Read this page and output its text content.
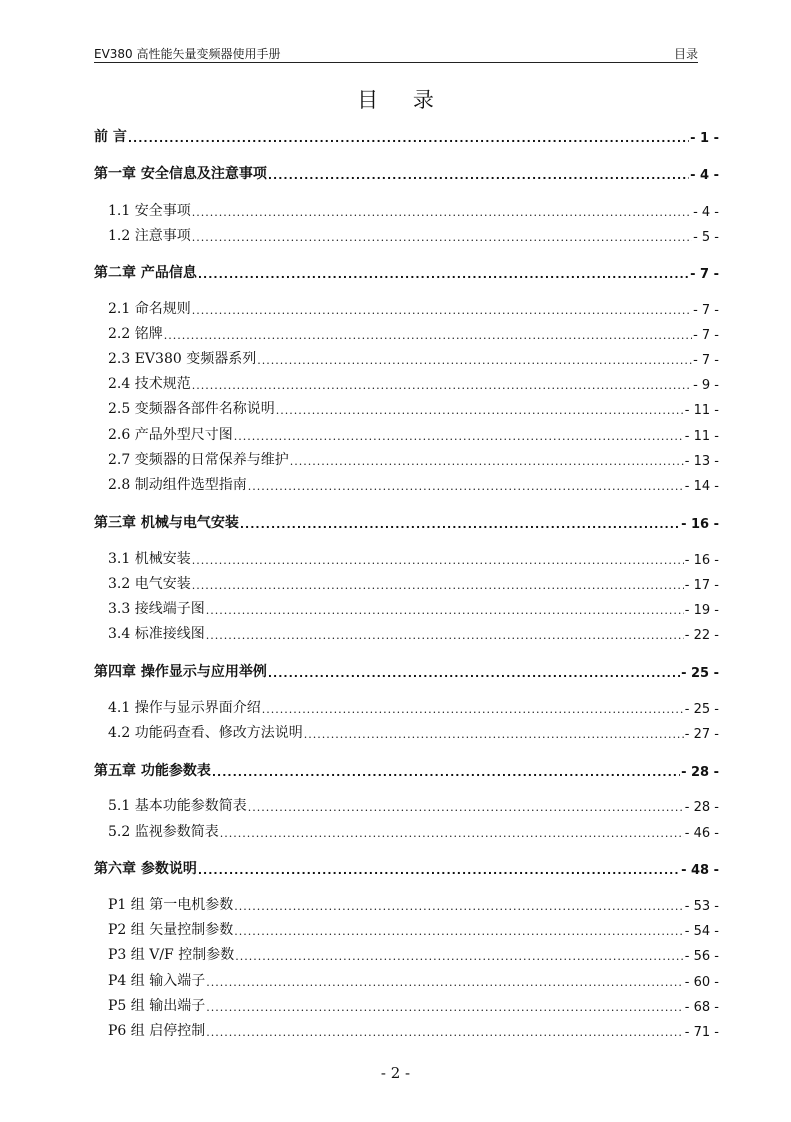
EV380 高性能矢量变频器使用手册	目录
目 录
前 言 .....	- 1 -
第一章 安全信息及注意事项 .....	- 4 -
1.1 安全事项 .....	- 4 -
1.2 注意事项 .....	- 5 -
第二章 产品信息 .....	- 7 -
2.1 命名规则 .....	- 7 -
2.2 铭牌 .....	- 7 -
2.3 EV380 变频器系列 .....	- 7 -
2.4 技术规范 .....	- 9 -
2.5 变频器各部件名称说明 .....	- 11 -
2.6 产品外型尺寸图 .....	- 11 -
2.7 变频器的日常保养与维护 .....	- 13 -
2.8 制动组件选型指南 .....	- 14 -
第三章 机械与电气安装 .....	- 16 -
3.1 机械安装 .....	- 16 -
3.2 电气安装 .....	- 17 -
3.3 接线端子图 .....	- 19 -
3.4 标准接线图 .....	- 22 -
第四章 操作显示与应用举例 .....	- 25 -
4.1 操作与显示界面介绍 .....	- 25 -
4.2 功能码查看、修改方法说明 .....	- 27 -
第五章 功能参数表 .....	- 28 -
5.1 基本功能参数简表 .....	- 28 -
5.2 监视参数简表 .....	- 46 -
第六章 参数说明 .....	- 48 -
P1 组 第一电机参数 .....	- 53 -
P2 组 矢量控制参数 .....	- 54 -
P3 组 V/F 控制参数 .....	- 56 -
P4 组 输入端子 .....	- 60 -
P5 组 输出端子 .....	- 68 -
P6 组 启停控制 .....	- 71 -
- 2 -
